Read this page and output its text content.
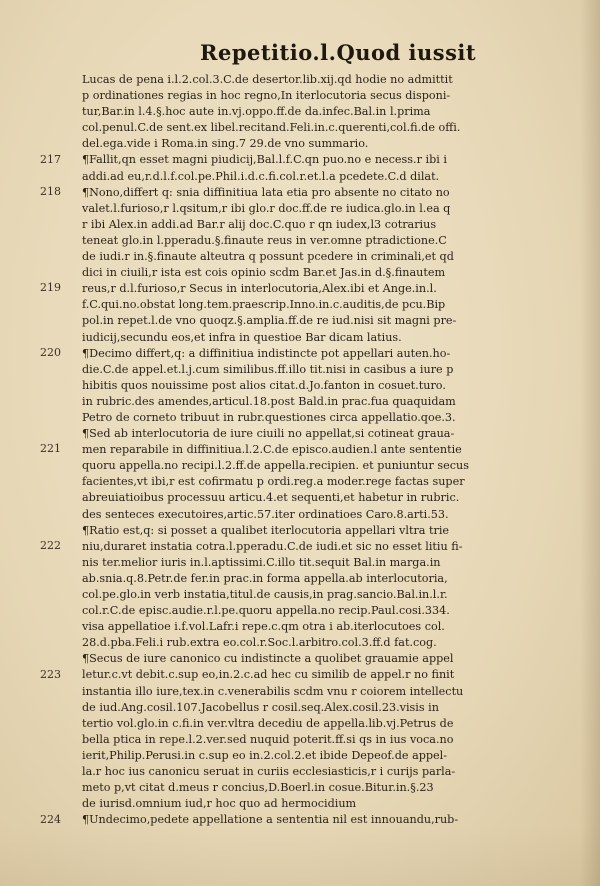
Repetitio.l.Quod iussit
Lucas de pena i.l.2.col.3.C.de desertor.lib.xij.qd hodie no admittit
p ordinationes regias in hoc regno,In iterlocutoria secus disponi-
tur,Bar.in l.4.§.hoc aute in.vj.oppo.ff.de da.infec.Bal.in l.prima
col.penul.C.de sent.ex libel.recitand.Feli.in.c.querenti,col.fi.de offi.
del.ega.vide i Roma.in sing.7 29.de vno summario.
¶Fallit,qn esset magni piudicij,Bal.l.f.C.qn puo.no e necess.r ibi i
addi.ad eu,r.d.l.f.col.pe.Phil.i.d.c.fi.col.r.et.l.a pcedete.C.d dilat.
¶Nono,differt q: snia diffinitiua lata etia pro absente no citato no
valet.l.furioso,r l.qsitum,r ibi glo.r doc.ff.de re iudica.glo.in l.ea q
r ibi Alex.in addi.ad Bar.r alij doc.C.quo r qn iudex,l3 cotrarius
teneat glo.in l.pperadu.§.finaute reus in ver.omne ptradictione.C
de iudi.r in.§.finaute alteutra q possunt pcedere in criminali,et qd
dici in ciuili,r ista est cois opinio scdm Bar.et Jas.in d.§.finautem
reus,r d.l.furioso,r Secus in interlocutoria,Alex.ibi et Ange.in.l.
f.C.qui.no.obstat long.tem.praescrip.Inno.in.c.auditis,de pcu.Bip
pol.in repet.l.de vno quoqz.§.amplia.ff.de re iud.nisi sit magni pre-
iudicij,secundu eos,et infra in questioe Bar dicam latius.
¶Decimo differt,q: a diffinitiua indistincte pot appellari auten.ho-
die.C.de appel.et.l.j.cum similibus.ff.illo tit.nisi in casibus a iure p
hibitis quos nouissime post alios citat.d.Jo.fanton in cosuet.turo.
in rubric.des amendes,articul.18.post Bald.in prac.fua quaquidam
Petro de corneto tribuut in rubr.questiones circa appellatio.qoe.3.
¶Sed ab interlocutoria de iure ciuili no appellat,si cotineat graua-
men reparabile in diffinitiua.l.2.C.de episco.audien.l ante sententie
quoru appella.no recipi.l.2.ff.de appella.recipien. et puniuntur secus
facientes,vt ibi,r est cofirmatu p ordi.reg.a moder.rege factas super
abreuiatioibus processuu articu.4.et sequenti,et habetur in rubric.
des senteces executoires,artic.57.iter ordinatioes Caro.8.arti.53.
¶Ratio est,q: si posset a qualibet iterlocutoria appellari vltra trie
niu,duraret instatia cotra.l.pperadu.C.de iudi.et sic no esset litiu fi-
nis ter.melior iuris in.l.aptissimi.C.illo tit.sequit Bal.in marga.in
ab.snia.q.8.Petr.de fer.in prac.in forma appella.ab interlocutoria,
col.pe.glo.in verb instatia,titul.de causis,in prag.sancio.Bal.in.l.r.
col.r.C.de episc.audie.r.l.pe.quoru appella.no recip.Paul.cosi.334.
visa appellatioe i.f.vol.Lafr.i repe.c.qm otra i ab.iterlocutoes col.
28.d.pba.Feli.i rub.extra eo.col.r.Soc.l.arbitro.col.3.ff.d fat.cog.
¶Secus de iure canonico cu indistincte a quolibet grauamie appel
letur.c.vt debit.c.sup eo,in.2.c.ad hec cu similib de appel.r no finit
instantia illo iure,tex.in c.venerabilis scdm vnu r coiorem intellectu
de iud.Ang.cosil.107.Jacobellus r cosil.seq.Alex.cosil.23.visis in
tertio vol.glo.in c.fi.in ver.vltra decediu de appella.lib.vj.Petrus de
bella ptica in repe.l.2.ver.sed nuquid poterit.ff.si qs in ius voca.no
ierit,Philip.Perusi.in c.sup eo in.2.col.2.et ibide Depeof.de appel-
la.r hoc ius canonicu seruat in curiis ecclesiasticis,r i curijs parla-
meto p,vt citat d.meus r concius,D.Boerl.in cosue.Bitur.in.§.23
de iurisd.omnium iud,r hoc quo ad hermocidium
¶Undecimo,pedete appellatione a sententia nil est innouandu,rub-
217
218
219
220
221
222
223
224
